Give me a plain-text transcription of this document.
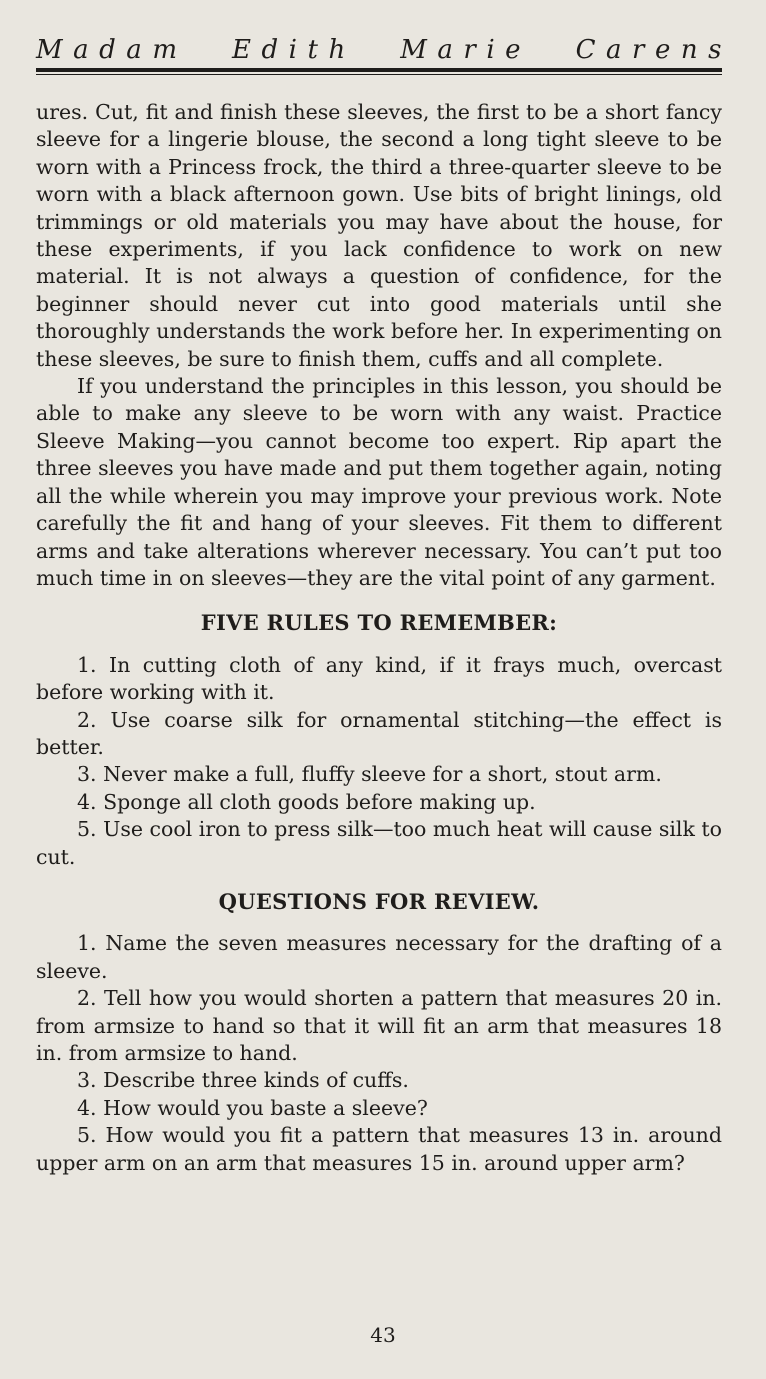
M a d a m E d i t h M a r i e C a r e n s

ures. Cut, fit and finish these sleeves, the first to be a short fancy sleeve for a lingerie blouse, the second a long tight sleeve to be worn with a Princess frock, the third a three-quarter sleeve to be worn with a black afternoon gown. Use bits of bright linings, old trimmings or old materials you may have about the house, for these experiments, if you lack confidence to work on new material. It is not always a question of confidence, for the beginner should never cut into good materials until she thoroughly understands the work before her. In experimenting on these sleeves, be sure to finish them, cuffs and all complete.

If you understand the principles in this lesson, you should be able to make any sleeve to be worn with any waist. Practice Sleeve Making—you cannot become too expert. Rip apart the three sleeves you have made and put them together again, noting all the while wherein you may improve your previous work. Note carefully the fit and hang of your sleeves. Fit them to different arms and take alterations wherever necessary. You can’t put too much time in on sleeves—they are the vital point of any garment.

FIVE RULES TO REMEMBER:

1. In cutting cloth of any kind, if it frays much, overcast before working with it.

2. Use coarse silk for ornamental stitching—the effect is better.

3. Never make a full, fluffy sleeve for a short, stout arm.

4. Sponge all cloth goods before making up.

5. Use cool iron to press silk—too much heat will cause silk to cut.

QUESTIONS FOR REVIEW.

1. Name the seven measures necessary for the drafting of a sleeve.

2. Tell how you would shorten a pattern that measures 20 in. from armsize to hand so that it will fit an arm that measures 18 in. from armsize to hand.

3. Describe three kinds of cuffs.

4. How would you baste a sleeve?

5. How would you fit a pattern that measures 13 in. around upper arm on an arm that measures 15 in. around upper arm?

43
